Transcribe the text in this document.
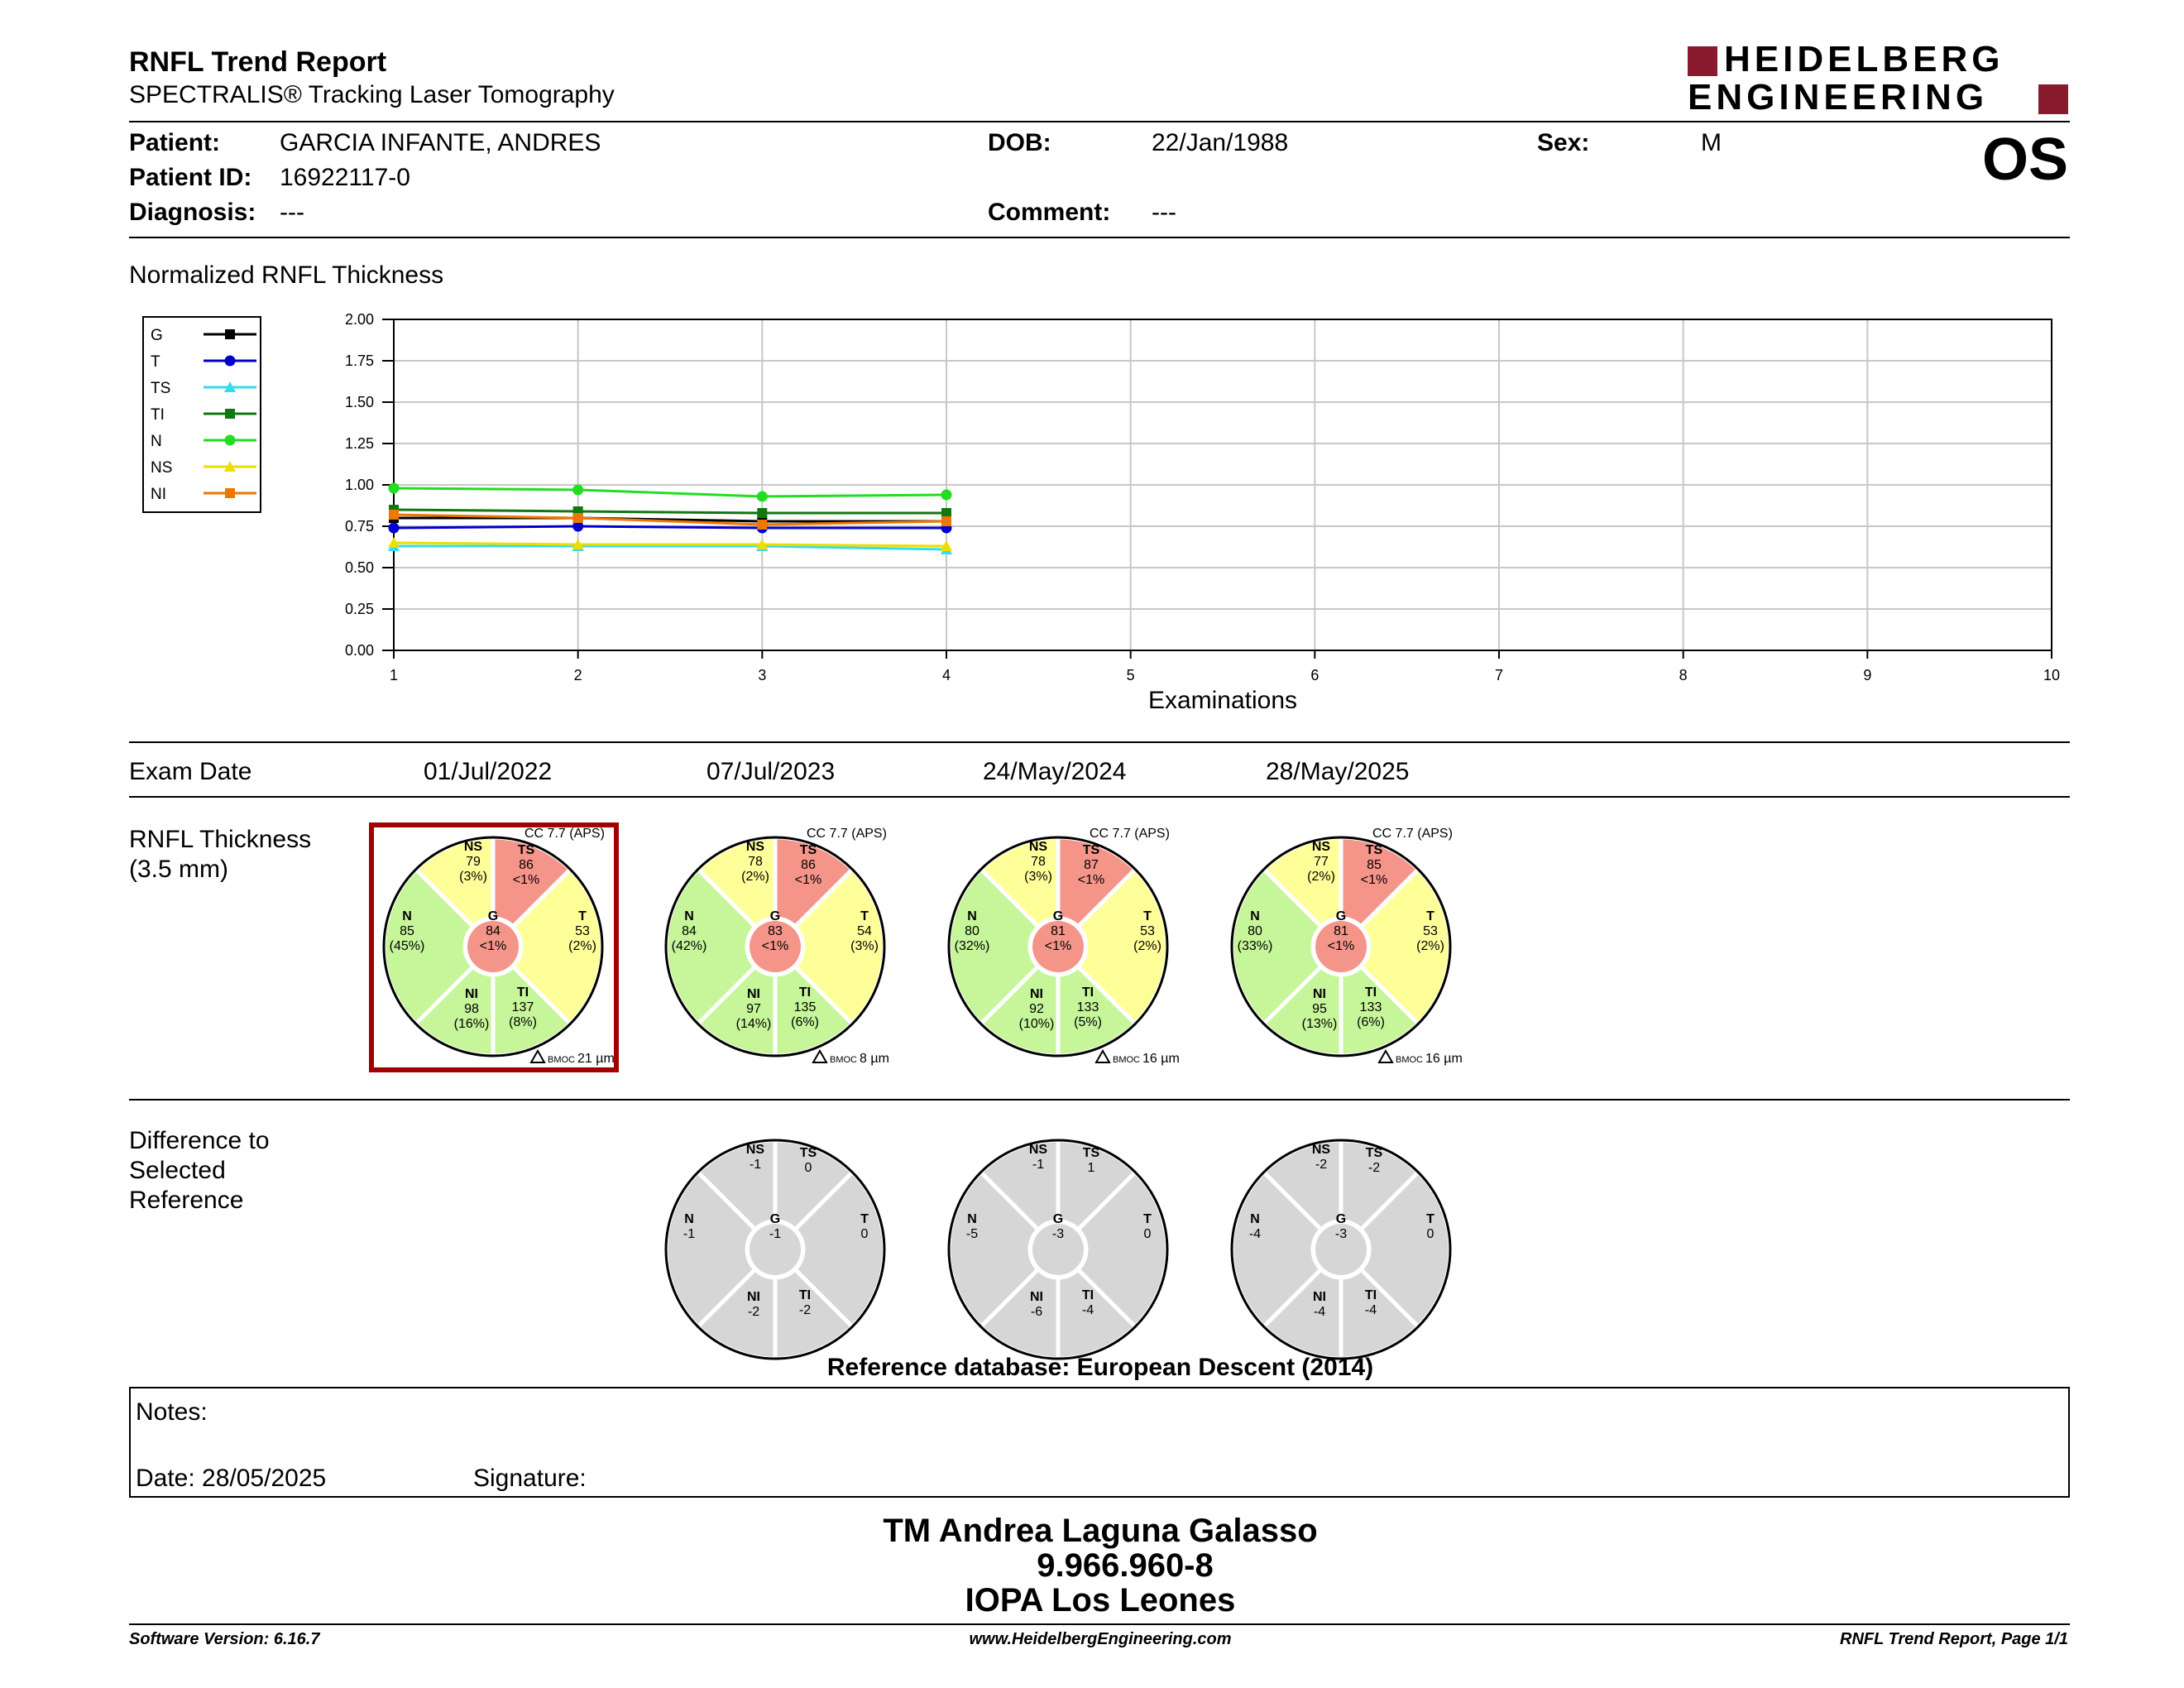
RNFL Trend Report
SPECTRALIS® Tracking Laser Tomography
HEIDELBERG
ENGINEERING
Patient: GARCIA INFANTE, ANDRES
Patient ID: 16922117-0
Diagnosis: ---
DOB:	22/Jan/1988
Comment: ---
Sex:	M	OS
Normalized RNFL Thickness
G
T
TS
TI
N
NS
NI
1	2	3	4	5	6	7	8	9	10
0.00
0.25
0.50
0.75
1.00
1.25
1.50
1.75
2.00
Examinations
Exam Date	01/Jul/2022	07/Jul/2023	24/May/2024	28/May/2025
RNFL Thickness
(3.5 mm)
NS
79
(3%)
TS
86
<1%
N
85
(45%)
G
84
<1%
T
53
(2%)
NI
98
(16%)
TI
137
(8%)
CC 7.7 (APS)
BMOC 21 µm
NS
78
(2%)
TS
86
<1%
N
84
(42%)
G
83
<1%
T
54
(3%)
NI
97
(14%)
TI
135
(6%)
CC 7.7 (APS)
BMOC 8 µm
NS
78
(3%)
TS
87
<1%
N
80
(32%)
G
81
<1%
T
53
(2%)
NI
92
(10%)
TI
133
(5%)
CC 7.7 (APS)
BMOC 16 µm
NS
77
(2%)
TS
85
<1%
N
80
(33%)
G
81
<1%
T
53
(2%)
NI
95
(13%)
TI
133
(6%)
CC 7.7 (APS)
BMOC 16 µm
Difference to
Selected
Reference
NS
-1
TS
0
N
-1
G
-1
T
0
NI
-2
TI
-2
NS
-1
TS
1
N
-5
G
-3
T
0
NI
-6
TI
-4
NS
-2
TS
-2
N
-4
G
-3
T
0
NI
-4
TI
-4
Reference database: European Descent (2014)
Notes:
Date: 28/05/2025	Signature:
TM Andrea Laguna Galasso
9.966.960-8
IOPA Los Leones
Software Version: 6.16.7	www.HeidelbergEngineering.com	RNFL Trend Report, Page 1/1
